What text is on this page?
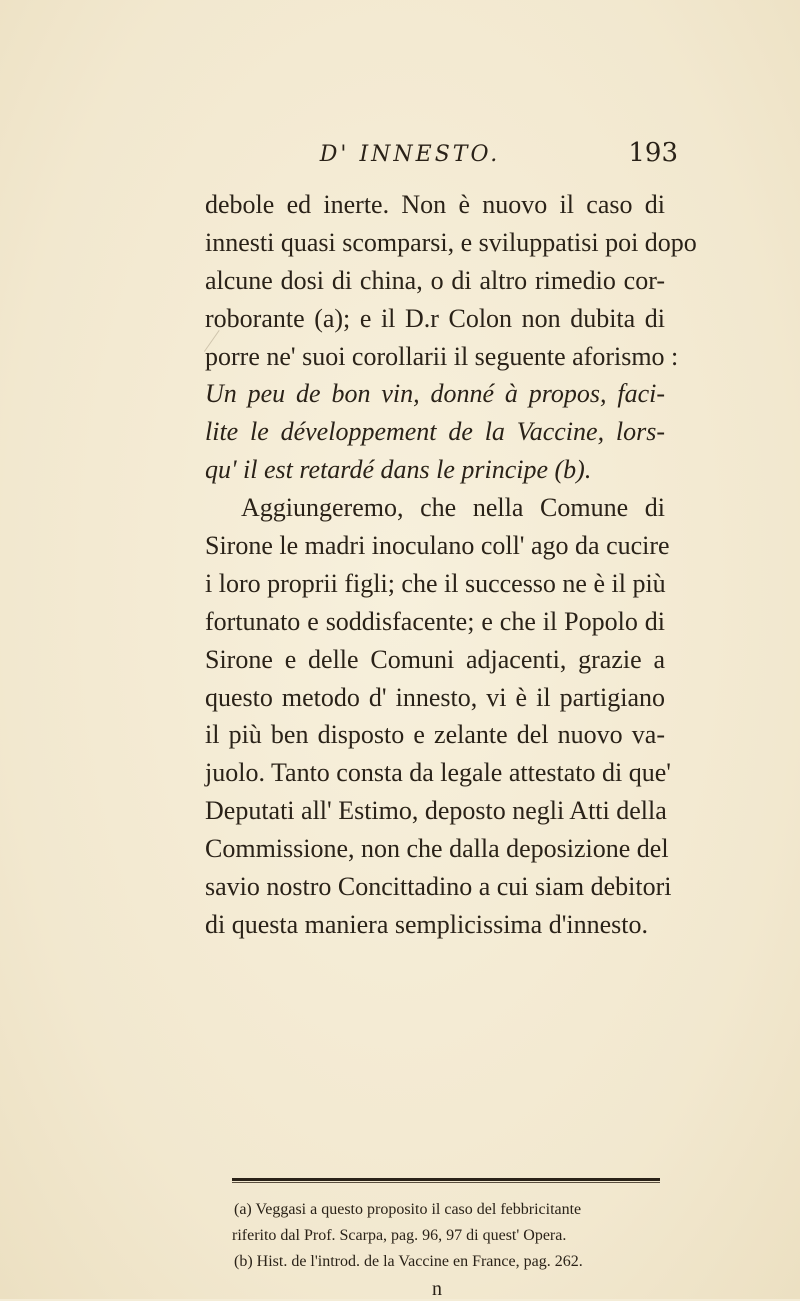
D' INNESTO.	193
debole ed inerte. Non è nuovo il caso di
innesti quasi scomparsi, e sviluppatisi poi dopo
alcune dosi di china, o di altro rimedio cor-
roborante (a); e il D.r Colon non dubita di
porre ne' suoi corollarii il seguente aforismo :
Un peu de bon vin, donné à propos, faci-
lite le développement de la Vaccine, lors-
qu' il est retardé dans le principe (b).
Aggiungeremo, che nella Comune di
Sirone le madri inoculano coll' ago da cucire
i loro proprii figli; che il successo ne è il più
fortunato e soddisfacente; e che il Popolo di
Sirone e delle Comuni adjacenti, grazie a
questo metodo d' innesto, vi è il partigiano
il più ben disposto e zelante del nuovo va-
juolo. Tanto consta da legale attestato di que'
Deputati all' Estimo, deposto negli Atti della
Commissione, non che dalla deposizione del
savio nostro Concittadino a cui siam debitori
di questa maniera semplicissima d'innesto.
(a) Veggasi a questo proposito il caso del febbricitante
riferito dal Prof. Scarpa, pag. 96, 97 di quest' Opera.
(b) Hist. de l'introd. de la Vaccine en France, pag. 262.
n
